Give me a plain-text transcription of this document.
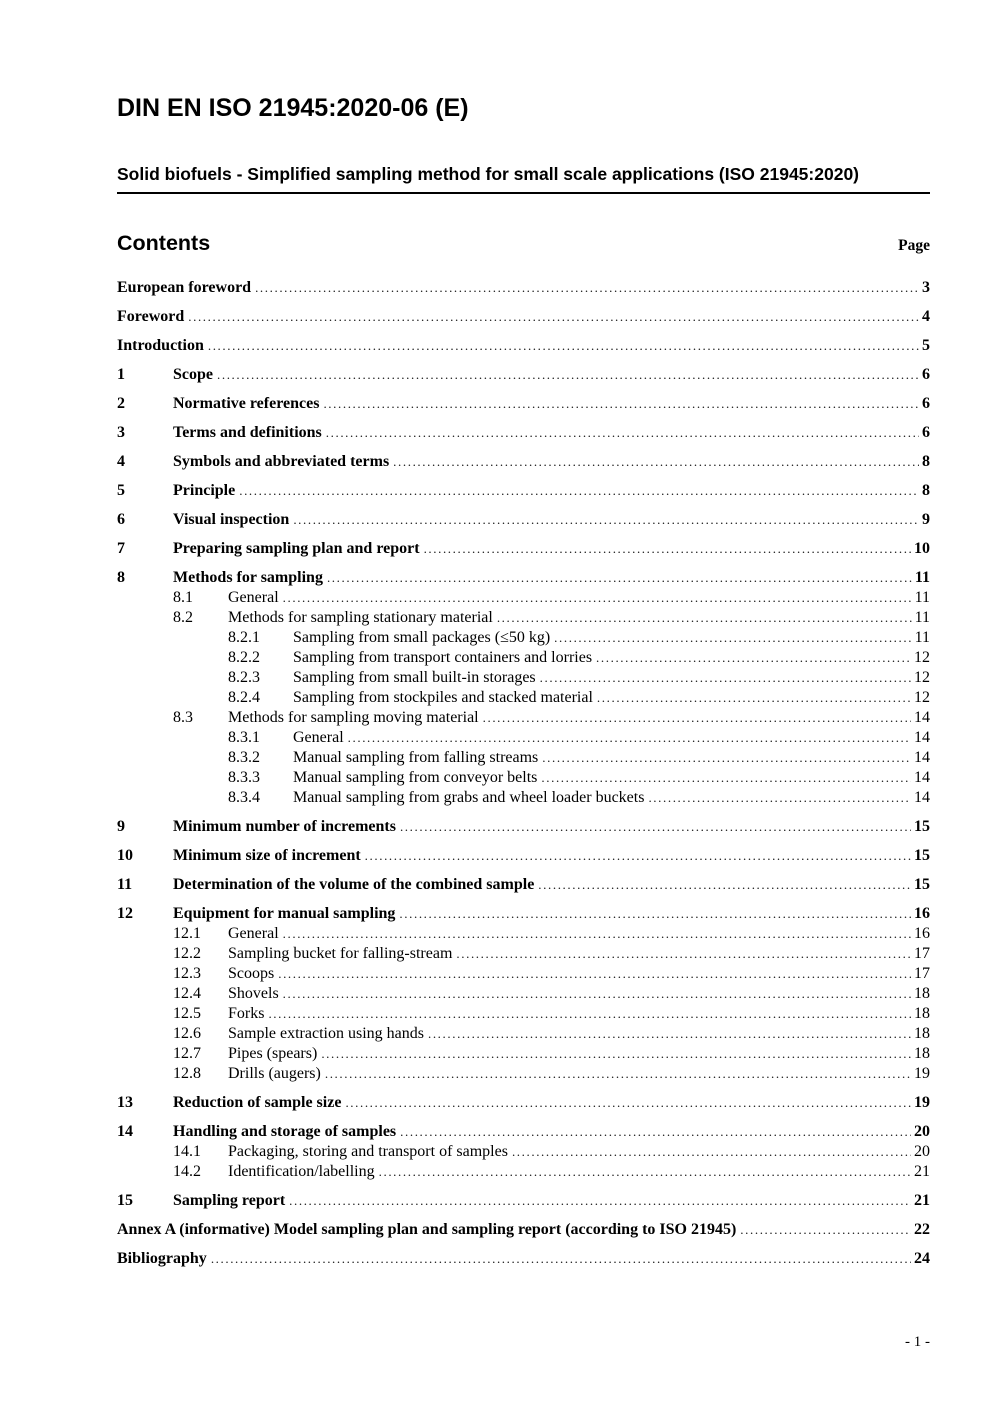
DIN EN ISO 21945:2020-06 (E)
Solid biofuels - Simplified sampling method for small scale applications (ISO 21945:2020)
Contents	Page
European foreword .....	3
Foreword .....	4
Introduction .....	5
1	Scope .....	6
2	Normative references .....	6
3	Terms and definitions .....	6
4	Symbols and abbreviated terms .....	8
5	Principle .....	8
6	Visual inspection .....	9
7	Preparing sampling plan and report .....	10
8	Methods for sampling .....	11
8.1	General .....	11
8.2	Methods for sampling stationary material .....	11
8.2.1	Sampling from small packages (≤50 kg) .....	11
8.2.2	Sampling from transport containers and lorries .....	12
8.2.3	Sampling from small built-in storages .....	12
8.2.4	Sampling from stockpiles and stacked material .....	12
8.3	Methods for sampling moving material .....	14
8.3.1	General .....	14
8.3.2	Manual sampling from falling streams .....	14
8.3.3	Manual sampling from conveyor belts .....	14
8.3.4	Manual sampling from grabs and wheel loader buckets .....	14
9	Minimum number of increments .....	15
10	Minimum size of increment .....	15
11	Determination of the volume of the combined sample .....	15
12	Equipment for manual sampling .....	16
12.1	General .....	16
12.2	Sampling bucket for falling-stream .....	17
12.3	Scoops .....	17
12.4	Shovels .....	18
12.5	Forks .....	18
12.6	Sample extraction using hands .....	18
12.7	Pipes (spears) .....	18
12.8	Drills (augers) .....	19
13	Reduction of sample size .....	19
14	Handling and storage of samples .....	20
14.1	Packaging, storing and transport of samples .....	20
14.2	Identification/labelling .....	21
15	Sampling report .....	21
Annex A (informative) Model sampling plan and sampling report (according to ISO 21945) .....	22
Bibliography .....	24
- 1 -
